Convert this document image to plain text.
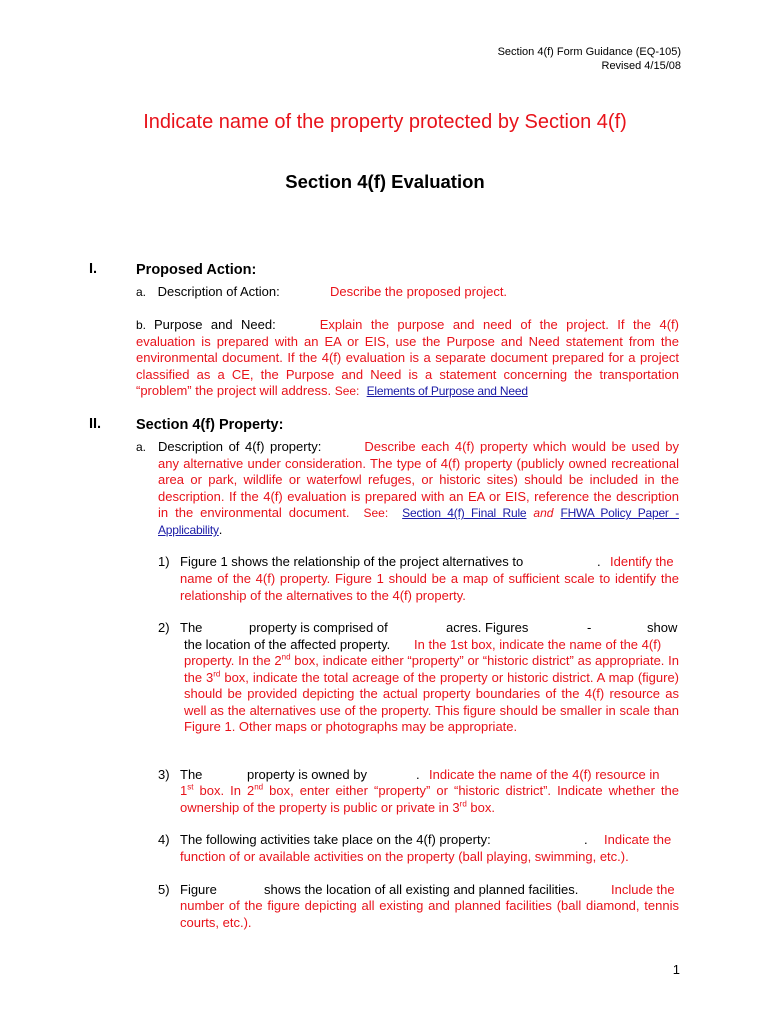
Section 4(f) Form Guidance (EQ-105)
Revised 4/15/08
Indicate name of the property protected by Section 4(f)
Section 4(f) Evaluation
I.	Proposed Action:
a. Description of Action:	Describe the proposed project.
b. Purpose and Need:	Explain the purpose and need of the project. If the 4(f) evaluation is prepared with an EA or EIS, use the Purpose and Need statement from the environmental document. If the 4(f) evaluation is a separate document prepared for a project classified as a CE, the Purpose and Need is a statement concerning the transportation “problem” the project will address. See: Elements of Purpose and Need
II. Section 4(f) Property:
a. Description of 4(f) property:	Describe each 4(f) property which would be used by any alternative under consideration. The type of 4(f) property (publicly owned recreational area or park, wildlife or waterfowl refuges, or historic sites) should be included in the description. If the 4(f) evaluation is prepared with an EA or EIS, reference the description in the environmental document. See: Section 4(f) Final Rule and FHWA Policy Paper - Applicability.
1) Figure 1 shows the relationship of the project alternatives to	. Identify the
name of the 4(f) property. Figure 1 should be a map of sufficient scale to identify the relationship of the alternatives to the 4(f) property.
2) The	property is comprised of	acres. Figures	-	show
the location of the affected property. In the 1st box, indicate the name of the 4(f)
property. In the 2nd box, indicate either “property” or “historic district” as appropriate. In the 3rd box, indicate the total acreage of the property or historic district. A map (figure) should be provided depicting the actual property boundaries of the 4(f) resource as well as the alternatives use of the property. This figure should be smaller in scale than Figure 1. Other maps or photographs may be appropriate.
3) The	property is owned by	. Indicate the name of the 4(f) resource in
1st box. In 2nd box, enter either “property” or “historic district”. Indicate whether the ownership of the property is public or private in 3rd box.
4) The following activities take place on the 4(f) property:	. Indicate the
function of or available activities on the property (ball playing, swimming, etc.).
5) Figure	shows the location of all existing and planned facilities.	Include the
number of the figure depicting all existing and planned facilities (ball diamond, tennis courts, etc.).
1
